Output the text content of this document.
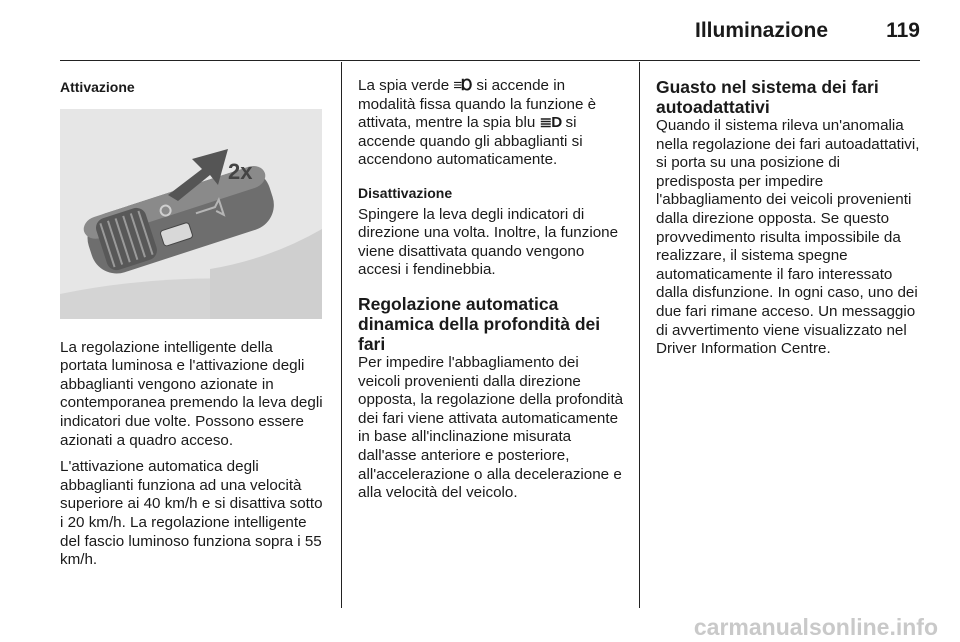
Illuminazione	119
Attivazione
2x

La regolazione intelligente della portata luminosa e l'attivazione degli abbaglianti vengono azionate in contemporanea premendo la leva degli indicatori due volte. Possono essere azionati a quadro acceso.

L'attivazione automatica degli abbaglianti funziona ad una velocità superiore ai 40 km/h e si disattiva sotto i 20 km/h. La regolazione intelligente del fascio luminoso funziona sopra i 55 km/h.

La spia verde ≡Ɒ si accende in modalità fissa quando la funzione è attivata, mentre la spia blu ≣D si accende quando gli abbaglianti si accendono automaticamente.

Disattivazione

Spingere la leva degli indicatori di direzione una volta. Inoltre, la funzione viene disattivata quando vengono accesi i fendinebbia.

Regolazione automatica dinamica della profondità dei fari

Per impedire l'abbagliamento dei veicoli provenienti dalla direzione opposta, la regolazione della profondità dei fari viene attivata automaticamente in base all'inclinazione misurata dall'asse anteriore e posteriore, all'accelerazione o alla decelerazione e alla velocità del veicolo.

Guasto nel sistema dei fari autoadattativi

Quando il sistema rileva un'anomalia nella regolazione dei fari autoadattativi, si porta su una posizione di predisposta per impedire l'abbagliamento dei veicoli provenienti dalla direzione opposta. Se questo provvedimento risulta impossibile da realizzare, il sistema spegne automaticamente il faro interessato dalla disfunzione. In ogni caso, uno dei due fari rimane acceso. Un messaggio di avvertimento viene visualizzato nel Driver Information Centre.

carmanualsonline.info
